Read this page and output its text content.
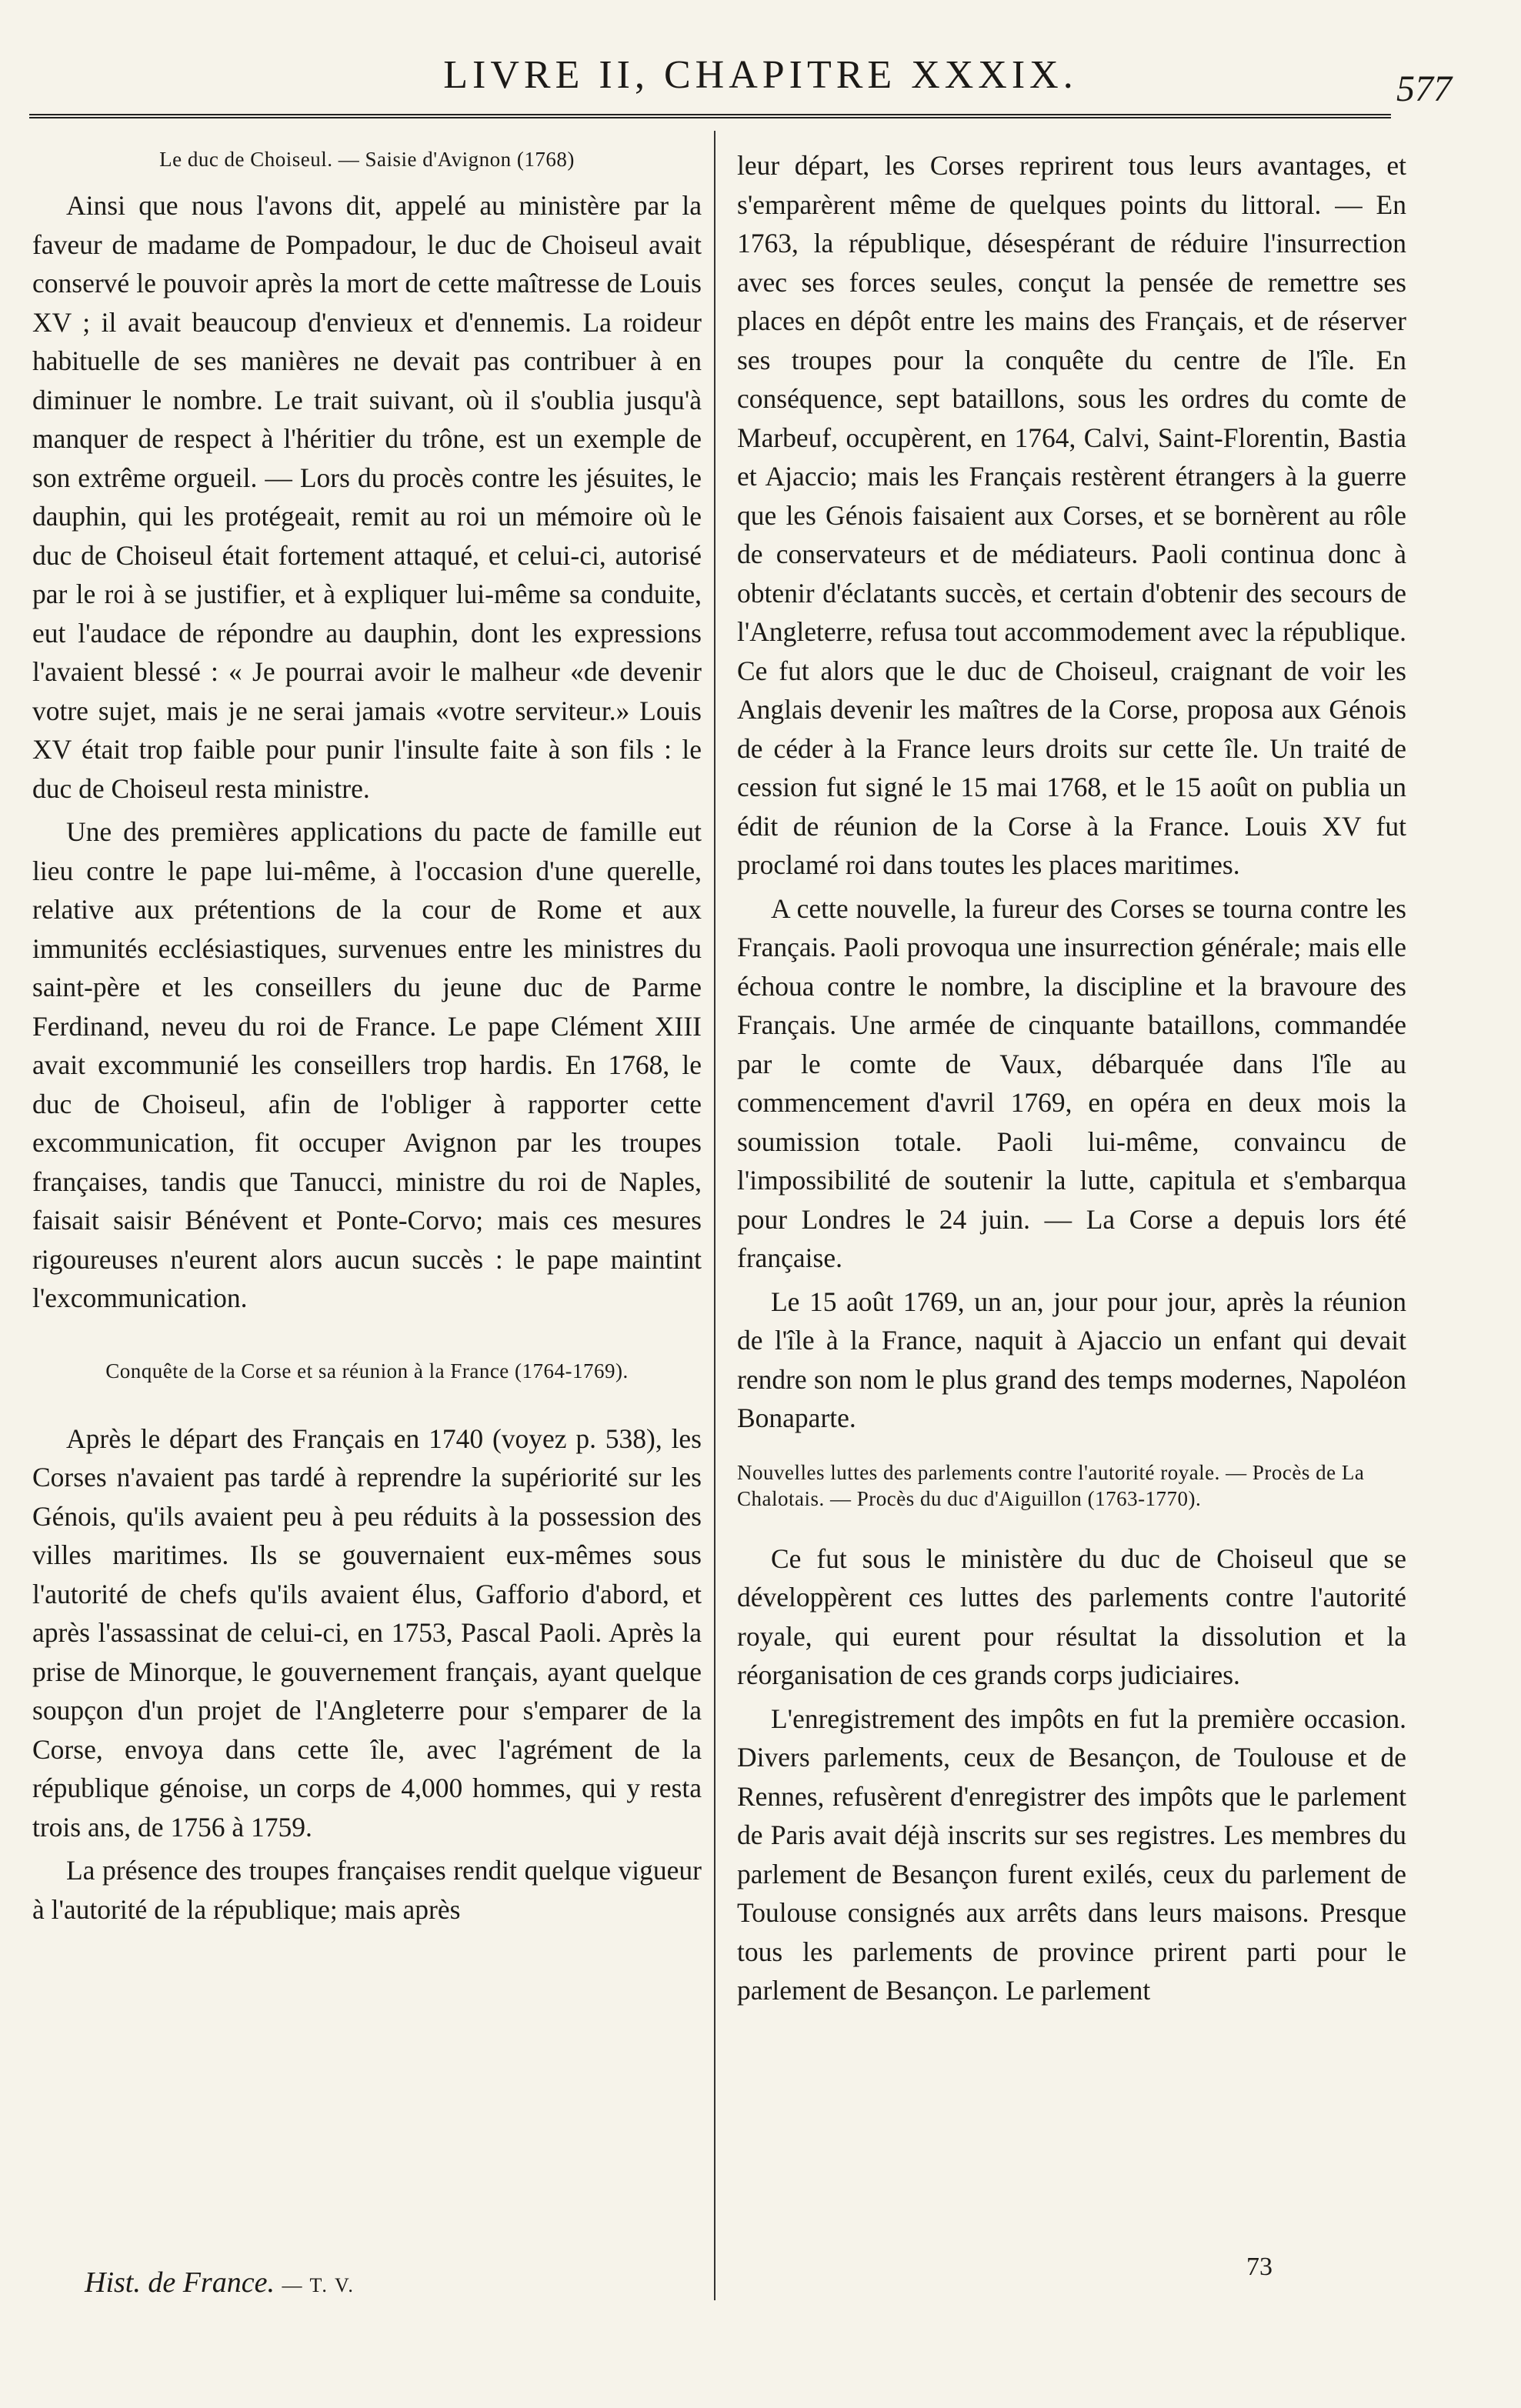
LIVRE II, CHAPITRE XXXIX.	577
Le duc de Choiseul. — Saisie d'Avignon (1768)

Ainsi que nous l'avons dit, appelé au ministère par la faveur de madame de Pompadour, le duc de Choiseul avait conservé le pouvoir après la mort de cette maîtresse de Louis XV ; il avait beaucoup d'envieux et d'ennemis. La roideur habituelle de ses manières ne devait pas contribuer à en diminuer le nombre. Le trait suivant, où il s'oublia jusqu'à manquer de respect à l'héritier du trône, est un exemple de son extrême orgueil. — Lors du procès contre les jésuites, le dauphin, qui les protégeait, remit au roi un mémoire où le duc de Choiseul était fortement attaqué, et celui-ci, autorisé par le roi à se justifier, et à expliquer lui-même sa conduite, eut l'audace de répondre au dauphin, dont les expressions l'avaient blessé : « Je pourrai avoir le malheur «de devenir votre sujet, mais je ne serai jamais «votre serviteur.» Louis XV était trop faible pour punir l'insulte faite à son fils : le duc de Choiseul resta ministre.

Une des premières applications du pacte de famille eut lieu contre le pape lui-même, à l'occasion d'une querelle, relative aux prétentions de la cour de Rome et aux immunités ecclésiastiques, survenues entre les ministres du saint-père et les conseillers du jeune duc de Parme Ferdinand, neveu du roi de France. Le pape Clément XIII avait excommunié les conseillers trop hardis. En 1768, le duc de Choiseul, afin de l'obliger à rapporter cette excommunication, fit occuper Avignon par les troupes françaises, tandis que Tanucci, ministre du roi de Naples, faisait saisir Bénévent et Ponte-Corvo; mais ces mesures rigoureuses n'eurent alors aucun succès : le pape maintint l'excommunication.

Conquête de la Corse et sa réunion à la France (1764-1769).

Après le départ des Français en 1740 (voyez p. 538), les Corses n'avaient pas tardé à reprendre la supériorité sur les Génois, qu'ils avaient peu à peu réduits à la possession des villes maritimes. Ils se gouvernaient eux-mêmes sous l'autorité de chefs qu'ils avaient élus, Gafforio d'abord, et après l'assassinat de celui-ci, en 1753, Pascal Paoli. Après la prise de Minorque, le gouvernement français, ayant quelque soupçon d'un projet de l'Angleterre pour s'emparer de la Corse, envoya dans cette île, avec l'agrément de la république génoise, un corps de 4,000 hommes, qui y resta trois ans, de 1756 à 1759.

La présence des troupes françaises rendit quelque vigueur à l'autorité de la république; mais après

leur départ, les Corses reprirent tous leurs avantages, et s'emparèrent même de quelques points du littoral. — En 1763, la république, désespérant de réduire l'insurrection avec ses forces seules, conçut la pensée de remettre ses places en dépôt entre les mains des Français, et de réserver ses troupes pour la conquête du centre de l'île. En conséquence, sept bataillons, sous les ordres du comte de Marbeuf, occupèrent, en 1764, Calvi, Saint-Florentin, Bastia et Ajaccio; mais les Français restèrent étrangers à la guerre que les Génois faisaient aux Corses, et se bornèrent au rôle de conservateurs et de médiateurs. Paoli continua donc à obtenir d'éclatants succès, et certain d'obtenir des secours de l'Angleterre, refusa tout accommodement avec la république. Ce fut alors que le duc de Choiseul, craignant de voir les Anglais devenir les maîtres de la Corse, proposa aux Génois de céder à la France leurs droits sur cette île. Un traité de cession fut signé le 15 mai 1768, et le 15 août on publia un édit de réunion de la Corse à la France. Louis XV fut proclamé roi dans toutes les places maritimes.

A cette nouvelle, la fureur des Corses se tourna contre les Français. Paoli provoqua une insurrection générale; mais elle échoua contre le nombre, la discipline et la bravoure des Français. Une armée de cinquante bataillons, commandée par le comte de Vaux, débarquée dans l'île au commencement d'avril 1769, en opéra en deux mois la soumission totale. Paoli lui-même, convaincu de l'impossibilité de soutenir la lutte, capitula et s'embarqua pour Londres le 24 juin. — La Corse a depuis lors été française.

Le 15 août 1769, un an, jour pour jour, après la réunion de l'île à la France, naquit à Ajaccio un enfant qui devait rendre son nom le plus grand des temps modernes, Napoléon Bonaparte.

Nouvelles luttes des parlements contre l'autorité royale. — Procès de La Chalotais. — Procès du duc d'Aiguillon (1763-1770).

Ce fut sous le ministère du duc de Choiseul que se développèrent ces luttes des parlements contre l'autorité royale, qui eurent pour résultat la dissolution et la réorganisation de ces grands corps judiciaires.

L'enregistrement des impôts en fut la première occasion. Divers parlements, ceux de Besançon, de Toulouse et de Rennes, refusèrent d'enregistrer des impôts que le parlement de Paris avait déjà inscrits sur ses registres. Les membres du parlement de Besançon furent exilés, ceux du parlement de Toulouse consignés aux arrêts dans leurs maisons. Presque tous les parlements de province prirent parti pour le parlement de Besançon. Le parlement

Hist. de France. — T. V.
73
